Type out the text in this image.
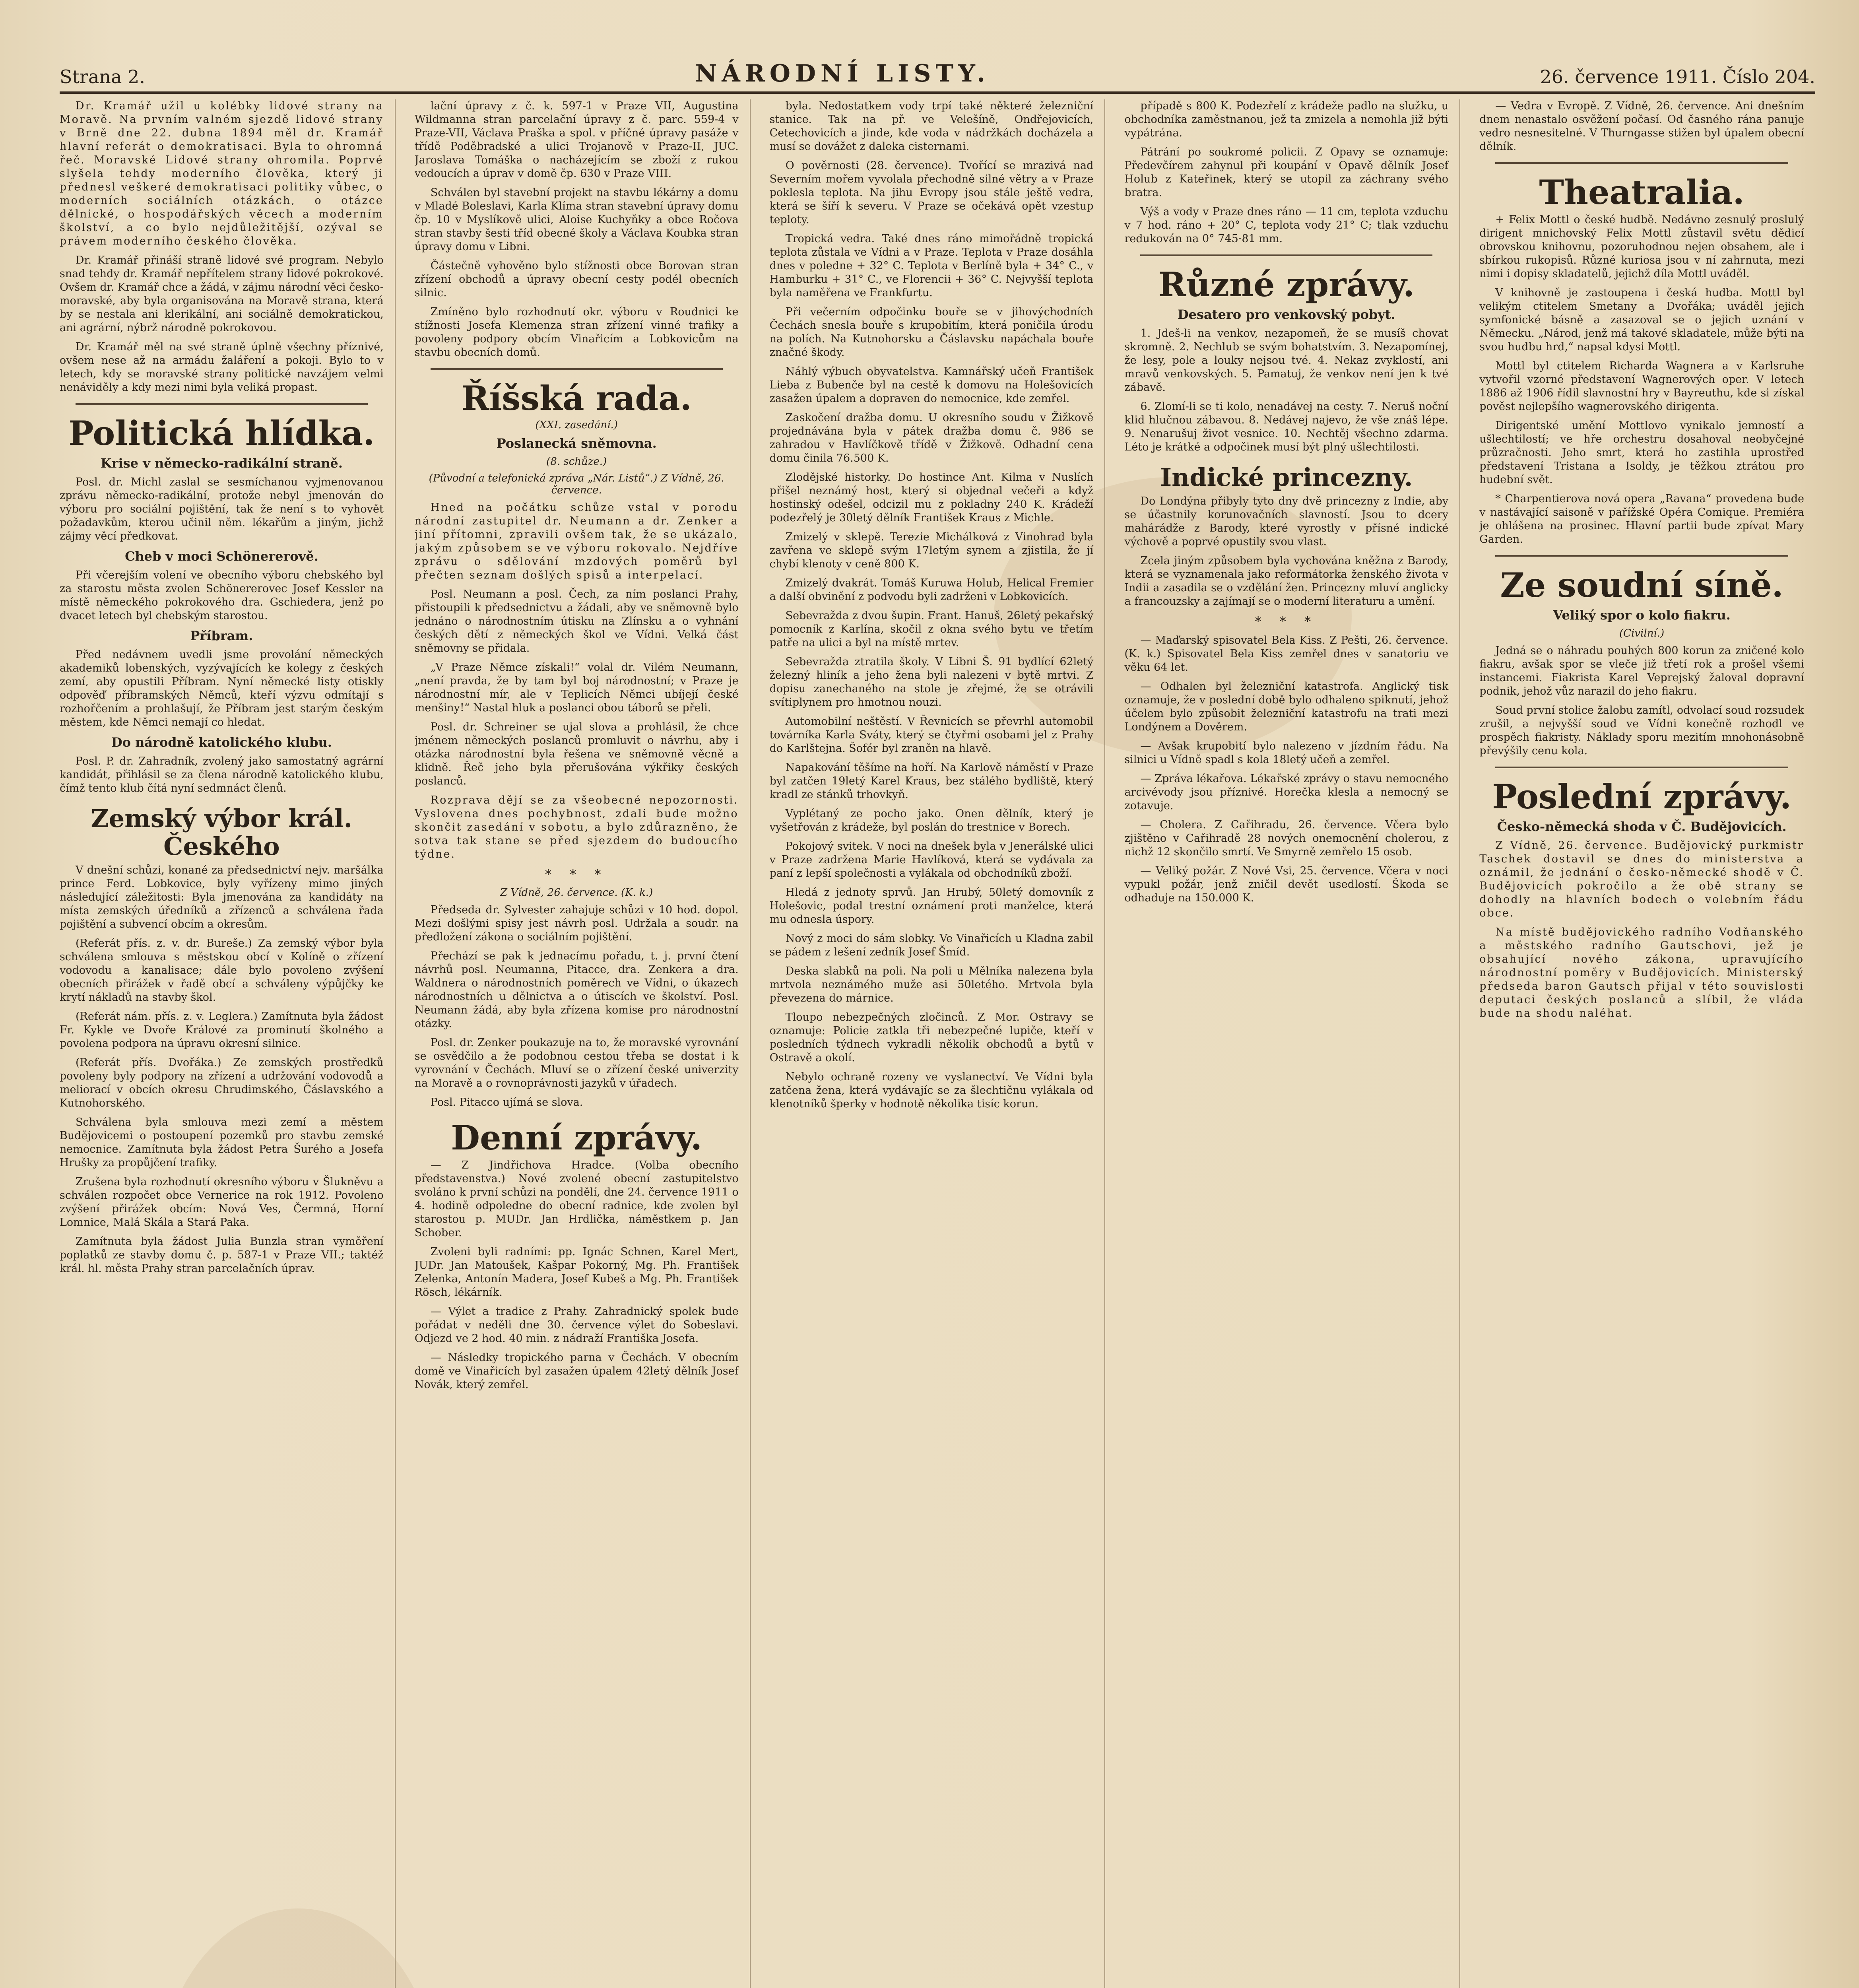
Strana 2.	NÁRODNÍ LISTY.	26. července 1911. Číslo 204.

Dr. Kramář užil u kolébky lidové strany na Moravě. Na prvním valném sjezdě lidové strany v Brně dne 22. dubna 1894 měl dr. Kramář hlavní referát o demokratisaci. Byla to ohromná řeč. Moravské Lidové strany ohromila. Poprvé slyšela tehdy moderního člověka, který ji přednesl veškeré demokratisaci politiky vůbec, o moderních sociálních otázkách, o otázce dělnické, o hospodářských věcech a moderním školství, a co bylo nejdůležitější, ozýval se právem moderního českého člověka.

Dr. Kramář přináší straně lidové své program. Nebylo snad tehdy dr. Kramář nepřítelem strany lidové pokrokové. Ovšem dr. Kramář chce a žádá, v zájmu národní věci česko-moravské, aby byla organisována na Moravě strana, která by se nestala ani klerikální, ani sociálně demokratickou, ani agrární, nýbrž národně pokrokovou.

Dr. Kramář měl na své straně úplně všechny příznivé, ovšem nese až na armádu žaláření a pokoji. Bylo to v letech, kdy se moravské strany politické navzájem velmi nenáviděly a kdy mezi nimi byla veliká propast.

Politická hlídka.
Krise v německo-radikální straně.

Posl. dr. Michl zaslal se sesmíchanou vyjmenovanou zprávu německo-radikální, protože nebyl jmenován do výboru pro sociální pojištění, tak že není s to vyhovět požadavkům, kterou učinil něm. lékařům a jiným, jichž zájmy věcí předkovat.

Cheb v moci Schönererově.

Při včerejším volení ve obecního výboru chebského byl za starostu města zvolen Schönererovec Josef Kessler na místě německého pokrokového dra. Gschiedera, jenž po dvacet letech byl chebským starostou.

Příbram.

Před nedávnem uvedli jsme provolání německých akademiků lobenských, vyzývajících ke kolegy z českých zemí, aby opustili Příbram. Nyní německé listy otiskly odpověď příbramských Němců, kteří výzvu odmítají s rozhořčením a prohlašují, že Příbram jest starým českým městem, kde Němci nemají co hledat.

Do národně katolického klubu.

Posl. P. dr. Zahradník, zvolený jako samostatný agrární kandidát, přihlásil se za člena národně katolického klubu, čímž tento klub čítá nyní sedmnáct členů.

Zemský výbor král. Českého

V dnešní schůzi, konané za předsednictví nejv. maršálka prince Ferd. Lobkovice, byly vyřízeny mimo jiných následující záležitosti: Byla jmenována za kandidáty na místa zemských úředníků a zřízenců a schválena řada pojištění a subvencí obcím a okresům.

(Referát přís. z. v. dr. Bureše.) Za zemský výbor byla schválena smlouva s městskou obcí v Kolíně o zřízení vodovodu a kanalisace; dále bylo povoleno zvýšení obecních přirážek v řadě obcí a schváleny výpůjčky ke krytí nákladů na stavby škol.

(Referát nám. přís. z. v. Leglera.) Zamítnuta byla žádost Fr. Kykle ve Dvoře Králové za prominutí školného a povolena podpora na úpravu okresní silnice.

(Referát přís. Dvořáka.) Ze zemských prostředků povoleny byly podpory na zřízení a udržování vodovodů a meliorací v obcích okresu Chrudimského, Čáslavského a Kutnohorského.

Schválena byla smlouva mezi zemí a městem Budějovicemi o postoupení pozemků pro stavbu zemské nemocnice. Zamítnuta byla žádost Petra Šurého a Josefa Hrušky za propůjčení trafiky.

Zrušena byla rozhodnutí okresního výboru v Šlukněvu a schválen rozpočet obce Vernerice na rok 1912. Povoleno zvýšení přirážek obcím: Nová Ves, Čermná, Horní Lomnice, Malá Skála a Stará Paka.

Zamítnuta byla žádost Julia Bunzla stran vyměření poplatků ze stavby domu č. p. 587-1 v Praze VII.; taktéž král. hl. města Prahy stran parcelačních úprav.

lační úpravy z č. k. 597-1 v Praze VII, Augustina Wildmanna stran parcelační úpravy z č. parc. 559-4 v Praze-VII, Václava Praška a spol. v příčné úpravy pasáže v třídě Poděbradské a ulici Trojanově v Praze-II, JUC. Jaroslava Tomáška o nacházejícím se zboží z rukou vedoucích a úprav v domě čp. 630 v Praze VIII.

Schválen byl stavební projekt na stavbu lékárny a domu v Mladé Boleslavi, Karla Klíma stran stavební úpravy domu čp. 10 v Myslíkově ulici, Aloise Kuchyňky a obce Ročova stran stavby šesti tříd obecné školy a Václava Koubka stran úpravy domu v Libni.

Částečně vyhověno bylo stížnosti obce Borovan stran zřízení obchodů a úpravy obecní cesty podél obecních silnic.

Zmíněno bylo rozhodnutí okr. výboru v Roudnici ke stížnosti Josefa Klemenza stran zřízení vinné trafiky a povoleny podpory obcím Vinařicím a Lobkovicům na stavbu obecních domů.

Říšská rada.
(XXI. zasedání.)
Poslanecká sněmovna.
(8. schůze.)
(Původní a telefonická zpráva „Nár. Listů“.) Z Vídně, 26. července.

Hned na počátku schůze vstal v porodu národní zastupitel dr. Neumann a dr. Zenker a jiní přítomni, zpravili ovšem tak, že se ukázalo, jakým způsobem se ve výboru rokovalo. Nejdříve zprávu o sdělování mzdových poměrů byl přečten seznam došlých spisů a interpelací.

Posl. Neumann a posl. Čech, za ním poslanci Prahy, přistoupili k předsednictvu a žádali, aby ve sněmovně bylo jednáno o národnostním útisku na Zlínsku a o vyhnání českých dětí z německých škol ve Vídni. Velká část sněmovny se přidala.

„V Praze Němce získali!“ volal dr. Vilém Neumann, „není pravda, že by tam byl boj národnostní; v Praze je národnostní mír, ale v Teplicích Němci ubíjejí české menšiny!“ Nastal hluk a poslanci obou táborů se přeli.

Posl. dr. Schreiner se ujal slova a prohlásil, že chce jménem německých poslanců promluvit o návrhu, aby i otázka národnostní byla řešena ve sněmovně věcně a klidně. Řeč jeho byla přerušována výkřiky českých poslanců.

Rozprava dějí se za všeobecné nepozornosti. Vyslovena dnes pochybnost, zdali bude možno skončit zasedání v sobotu, a bylo zdůrazněno, že sotva tak stane se před sjezdem do budoucího týdne.

* * *
Z Vídně, 26. července. (K. k.)

Předseda dr. Sylvester zahajuje schůzi v 10 hod. dopol. Mezi došlými spisy jest návrh posl. Udržala a soudr. na předložení zákona o sociálním pojištění.

Přechází se pak k jednacímu pořadu, t. j. první čtení návrhů posl. Neumanna, Pitacce, dra. Zenkera a dra. Waldnera o národnostních poměrech ve Vídni, o úkazech národnostních u dělnictva a o útiscích ve školství. Posl. Neumann žádá, aby byla zřízena komise pro národnostní otázky.

Posl. dr. Zenker poukazuje na to, že moravské vyrovnání se osvědčilo a že podobnou cestou třeba se dostat i k vyrovnání v Čechách. Mluví se o zřízení české univerzity na Moravě a o rovnoprávnosti jazyků v úřadech.

Posl. Pitacco ujímá se slova.

Denní zprávy.

— Z Jindřichova Hradce. (Volba obecního představenstva.) Nové zvolené obecní zastupitelstvo svoláno k první schůzi na pondělí, dne 24. července 1911 o 4. hodině odpoledne do obecní radnice, kde zvolen byl starostou p. MUDr. Jan Hrdlička, náměstkem p. Jan Schober.

Zvoleni byli radními: pp. Ignác Schnen, Karel Mert, JUDr. Jan Matoušek, Kašpar Pokorný, Mg. Ph. František Zelenka, Antonín Madera, Josef Kubeš a Mg. Ph. František Rösch, lékárník.

— Výlet a tradice z Prahy. Zahradnický spolek bude pořádat v neděli dne 30. července výlet do Sobeslavi. Odjezd ve 2 hod. 40 min. z nádraží Františka Josefa.

— Následky tropického parna v Čechách. V obecním domě ve Vinařicích byl zasažen úpalem 42letý dělník Josef Novák, který zemřel.

byla. Nedostatkem vody trpí také některé železniční stanice. Tak na př. ve Velešíně, Ondřejovicích, Cetechovicích a jinde, kde voda v nádržkách docházela a musí se dovážet z daleka cisternami.

O pověrnosti (28. července). Tvořící se mrazivá nad Severním mořem vyvolala přechodně silné větry a v Praze poklesla teplota. Na jihu Evropy jsou stále ještě vedra, která se šíří k severu. V Praze se očekává opět vzestup teploty.

Tropická vedra. Také dnes ráno mimořádně tropická teplota zůstala ve Vídni a v Praze. Teplota v Praze dosáhla dnes v poledne + 32° C. Teplota v Berlíně byla + 34° C., v Hamburku + 31° C., ve Florencii + 36° C. Nejvyšší teplota byla naměřena ve Frankfurtu.

Při večerním odpočinku bouře se v jihovýchodních Čechách snesla bouře s krupobitím, která poničila úrodu na polích. Na Kutnohorsku a Čáslavsku napáchala bouře značné škody.

Náhlý výbuch obyvatelstva. Kamnářský učeň František Lieba z Bubenče byl na cestě k domovu na Holešovicích zasažen úpalem a dopraven do nemocnice, kde zemřel.

Zaskočení dražba domu. U okresního soudu v Žižkově projednávána byla v pátek dražba domu č. 986 se zahradou v Havlíčkově třídě v Žižkově. Odhadní cena domu činila 76.500 K.

Zlodějské historky. Do hostince Ant. Kilma v Nuslích přišel neznámý host, který si objednal večeři a když hostinský odešel, odcizil mu z pokladny 240 K. Krádeží podezřelý je 30letý dělník František Kraus z Michle.

Zmizelý v sklepě. Terezie Michálková z Vinohrad byla zavřena ve sklepě svým 17letým synem a zjistila, že jí chybí klenoty v ceně 800 K.

Zmizelý dvakrát. Tomáš Kuruwa Holub, Helical Fremier a další obvinění z podvodu byli zadrženi v Lobkovicích.

Sebevražda z dvou šupin. Frant. Hanuš, 26letý pekařský pomocník z Karlína, skočil z okna svého bytu ve třetím patře na ulici a byl na místě mrtev.

Sebevražda ztratila školy. V Libni Š. 91 bydlící 62letý železný hliník a jeho žena byli nalezeni v bytě mrtvi. Z dopisu zanechaného na stole je zřejmé, že se otrávili svítiplynem pro hmotnou nouzi.

Automobilní neštěstí. V Řevnicích se převrhl automobil továrníka Karla Sváty, který se čtyřmi osobami jel z Prahy do Karlštejna. Šofér byl zraněn na hlavě.

Napakování těšíme na hoří. Na Karlově náměstí v Praze byl zatčen 19letý Karel Kraus, bez stálého bydliště, který kradl ze stánků trhovkyň.

Vyplétaný ze pocho jako. Onen dělník, který je vyšetřován z krádeže, byl poslán do trestnice v Borech.

Pokojový svitek. V noci na dnešek byla v Jenerálské ulici v Praze zadržena Marie Havlíková, která se vydávala za paní z lepší společnosti a vylákala od obchodníků zboží.

Hledá z jednoty sprvů. Jan Hrubý, 50letý domovník z Holešovic, podal trestní oznámení proti manželce, která mu odnesla úspory.

Nový z moci do sám slobky. Ve Vinařicích u Kladna zabil se pádem z lešení zedník Josef Šmíd.

Deska slabků na poli. Na poli u Mělníka nalezena byla mrtvola neznámého muže asi 50letého. Mrtvola byla převezena do márnice.

Tloupo nebezpečných zločinců. Z Mor. Ostravy se oznamuje: Policie zatkla tři nebezpečné lupiče, kteří v posledních týdnech vykradli několik obchodů a bytů v Ostravě a okolí.

Nebylo ochraně rozeny ve vyslanectví. Ve Vídni byla zatčena žena, která vydávajíc se za šlechtičnu vylákala od klenotníků šperky v hodnotě několika tisíc korun.

případě s 800 K. Podezřelí z krádeže padlo na služku, u obchodníka zaměstnanou, jež ta zmizela a nemohla již býti vypátrána.

Pátrání po soukromé policii. Z Opavy se oznamuje: Předevčírem zahynul při koupání v Opavě dělník Josef Holub z Kateřinek, který se utopil za záchrany svého bratra.

Výš a vody v Praze dnes ráno — 11 cm, teplota vzduchu v 7 hod. ráno + 20° C, teplota vody 21° C; tlak vzduchu redukován na 0° 745·81 mm.

Různé zprávy.
Desatero pro venkovský pobyt.

1. Jdeš-li na venkov, nezapomeň, že se musíš chovat skromně. 2. Nechlub se svým bohatstvím. 3. Nezapomínej, že lesy, pole a louky nejsou tvé. 4. Nekaz zvyklostí, ani mravů venkovských. 5. Pamatuj, že venkov není jen k tvé zábavě.

6. Zlomí-li se ti kolo, nenadávej na cesty. 7. Neruš noční klid hlučnou zábavou. 8. Nedávej najevo, že vše znáš lépe. 9. Nenarušuj život vesnice. 10. Nechtěj všechno zdarma. Léto je krátké a odpočinek musí být plný ušlechtilosti.

Indické princezny.

Do Londýna přibyly tyto dny dvě princezny z Indie, aby se účastnily korunovačních slavností. Jsou to dcery mahárádže z Barody, které vyrostly v přísné indické výchově a poprvé opustily svou vlast.

Zcela jiným způsobem byla vychována kněžna z Barody, která se vyznamenala jako reformátorka ženského života v Indii a zasadila se o vzdělání žen. Princezny mluví anglicky a francouzsky a zajímají se o moderní literaturu a umění.

* * *

— Maďarský spisovatel Bela Kiss. Z Pešti, 26. července. (K. k.) Spisovatel Bela Kiss zemřel dnes v sanatoriu ve věku 64 let.

— Odhalen byl železniční katastrofa. Anglický tisk oznamuje, že v poslední době bylo odhaleno spiknutí, jehož účelem bylo způsobit železniční katastrofu na trati mezi Londýnem a Dověrem.

— Avšak krupobití bylo nalezeno v jízdním řádu. Na silnici u Vídně spadl s kola 18letý učeň a zemřel.

— Zpráva lékařova. Lékařské zprávy o stavu nemocného arcivévody jsou příznivé. Horečka klesla a nemocný se zotavuje.

— Cholera. Z Cařihradu, 26. července. Včera bylo zjištěno v Cařihradě 28 nových onemocnění cholerou, z nichž 12 skončilo smrtí. Ve Smyrně zemřelo 15 osob.

— Veliký požár. Z Nové Vsi, 25. července. Včera v noci vypukl požár, jenž zničil devět usedlostí. Škoda se odhaduje na 150.000 K.

— Vedra v Evropě. Z Vídně, 26. července. Ani dnešním dnem nenastalo osvěžení počasí. Od časného rána panuje vedro nesnesitelné. V Thurngasse stižen byl úpalem obecní dělník.

Theatralia.

+ Felix Mottl o české hudbě. Nedávno zesnulý proslulý dirigent mnichovský Felix Mottl zůstavil světu dědicí obrovskou knihovnu, pozoruhodnou nejen obsahem, ale i sbírkou rukopisů. Různé kuriosa jsou v ní zahrnuta, mezi nimi i dopisy skladatelů, jejichž díla Mottl uváděl.

V knihovně je zastoupena i česká hudba. Mottl byl velikým ctitelem Smetany a Dvořáka; uváděl jejich symfonické básně a zasazoval se o jejich uznání v Německu. „Národ, jenž má takové skladatele, může býti na svou hudbu hrd,“ napsal kdysi Mottl.

Mottl byl ctitelem Richarda Wagnera a v Karlsruhe vytvořil vzorné představení Wagnerových oper. V letech 1886 až 1906 řídil slavnostní hry v Bayreuthu, kde si získal pověst nejlepšího wagnerovského dirigenta.

Dirigentské umění Mottlovo vynikalo jemností a ušlechtilostí; ve hře orchestru dosahoval neobyčejné průzračnosti. Jeho smrt, která ho zastihla uprostřed představení Tristana a Isoldy, je těžkou ztrátou pro hudební svět.

* Charpentierova nová opera „Ravana“ provedena bude v nastávající saisoně v pařížské Opéra Comique. Premiéra je ohlášena na prosinec. Hlavní partii bude zpívat Mary Garden.

Ze soudní síně.
Veliký spor o kolo fiakru.
(Civilní.)

Jedná se o náhradu pouhých 800 korun za zničené kolo fiakru, avšak spor se vleče již třetí rok a prošel všemi instancemi. Fiakrista Karel Veprejský žaloval dopravní podnik, jehož vůz narazil do jeho fiakru.

Soud první stolice žalobu zamítl, odvolací soud rozsudek zrušil, a nejvyšší soud ve Vídni konečně rozhodl ve prospěch fiakristy. Náklady sporu mezitím mnohonásobně převýšily cenu kola.

Poslední zprávy.
Česko-německá shoda v Č. Budějovicích.

Z Vídně, 26. července. Budějovický purkmistr Taschek dostavil se dnes do ministerstva a oznámil, že jednání o česko-německé shodě v Č. Budějovicích pokročilo a že obě strany se dohodly na hlavních bodech o volebním řádu obce.

Na místě budějovického radního Vodňanského a městského radního Gautschovi, jež je obsahující nového zákona, upravujícího národnostní poměry v Budějovicích. Ministerský předseda baron Gautsch přijal v této souvislosti deputaci českých poslanců a slíbil, že vláda bude na shodu naléhat.
